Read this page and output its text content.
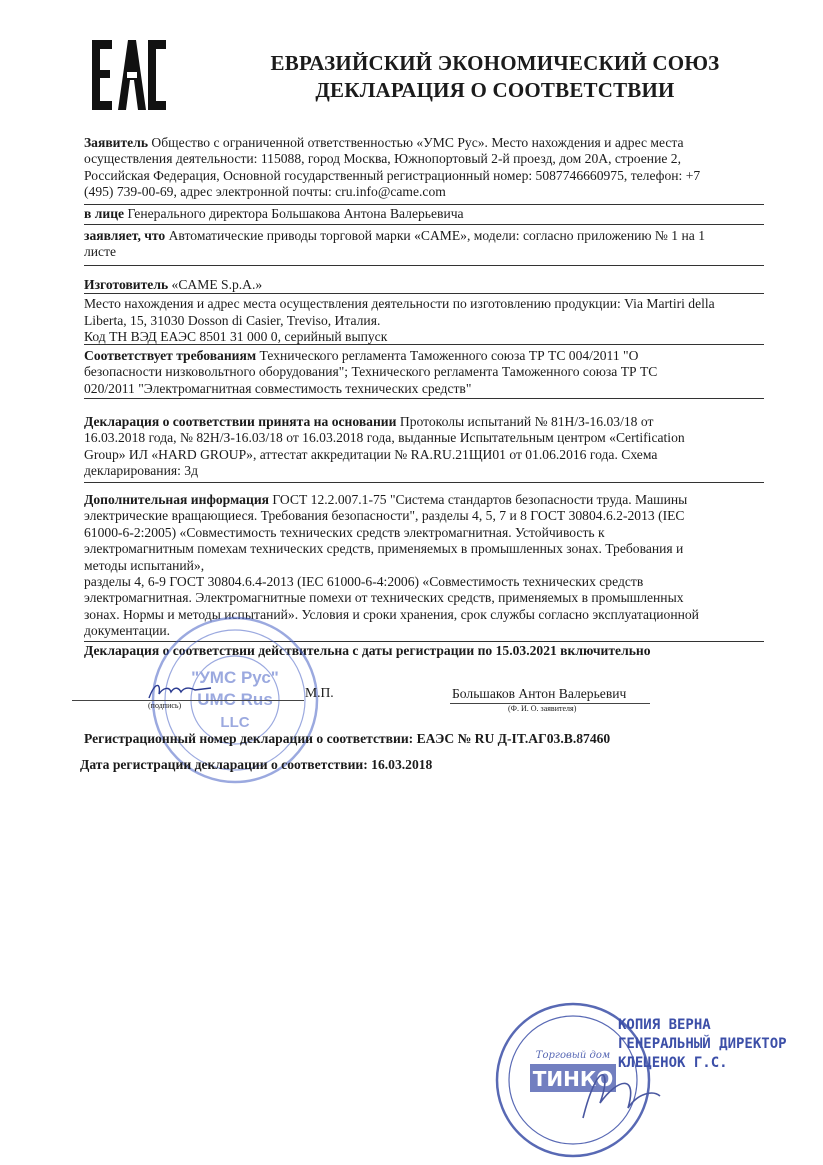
ЕВРАЗИЙСКИЙ ЭКОНОМИЧЕСКИЙ СОЮЗ
ДЕКЛАРАЦИЯ О СООТВЕТСТВИИ
Заявитель Общество с ограниченной ответственностью «УМС Рус». Место нахождения и адрес места
осуществления деятельности: 115088, город Москва, Южнопортовый 2-й проезд, дом 20А, строение 2,
Российская Федерация, Основной государственный регистрационный номер: 5087746660975, телефон: +7
(495) 739-00-69, адрес электронной почты: cru.info@came.com
в лице Генерального директора Большакова Антона Валерьевича
заявляет, что Автоматические приводы торговой марки «CAME», модели: согласно приложению № 1 на 1
листе
Изготовитель «CAME S.p.A.»
Место нахождения и адрес места осуществления деятельности по изготовлению продукции: Via Martiri della
Liberta, 15, 31030 Dosson di Casier, Treviso, Италия.
Код ТН ВЭД ЕАЭС 8501 31 000 0, серийный выпуск
Соответствует требованиям Технического регламента Таможенного союза ТР ТС 004/2011 "О
безопасности низковольтного оборудования"; Технического регламента Таможенного союза ТР ТС
020/2011 "Электромагнитная совместимость технических средств"
Декларация о соответствии принята на основании Протоколы испытаний № 81Н/З-16.03/18 от
16.03.2018 года, № 82Н/З-16.03/18 от 16.03.2018 года, выданные Испытательным центром «Certification
Group» ИЛ «HARD GROUP», аттестат аккредитации № RA.RU.21ЩИ01 от 01.06.2016 года. Схема
декларирования: 3д
Дополнительная информация ГОСТ 12.2.007.1-75 "Система стандартов безопасности труда. Машины
электрические вращающиеся. Требования безопасности", разделы 4, 5, 7 и 8 ГОСТ 30804.6.2-2013 (IEC
61000-6-2:2005) «Совместимость технических средств электромагнитная. Устойчивость к
электромагнитным помехам технических средств, применяемых в промышленных зонах. Требования и
методы испытаний»,
разделы 4, 6-9 ГОСТ 30804.6.4-2013 (IEC 61000-6-4:2006) «Совместимость технических средств
электромагнитная. Электромагнитные помехи от технических средств, применяемых в промышленных
зонах. Нормы и методы испытаний». Условия и сроки хранения, срок службы согласно эксплуатационной
документации.
Декларация о соответствии действительна с даты регистрации по 15.03.2021 включительно
"УМС Рус"
UMC Rus
LLC
(подпись)
М.П.	Большаков Антон Валерьевич
(Ф. И. О. заявителя)
Регистрационный номер декларации о соответствии: ЕАЭС № RU Д-IT.АГ03.В.87460
Дата регистрации декларации о соответствии: 16.03.2018
Торговый дом
ТИНКО
КОПИЯ ВЕРНА
ГЕНЕРАЛЬНЫЙ ДИРЕКТОР
КЛЕЦЕНОК Г.С.
